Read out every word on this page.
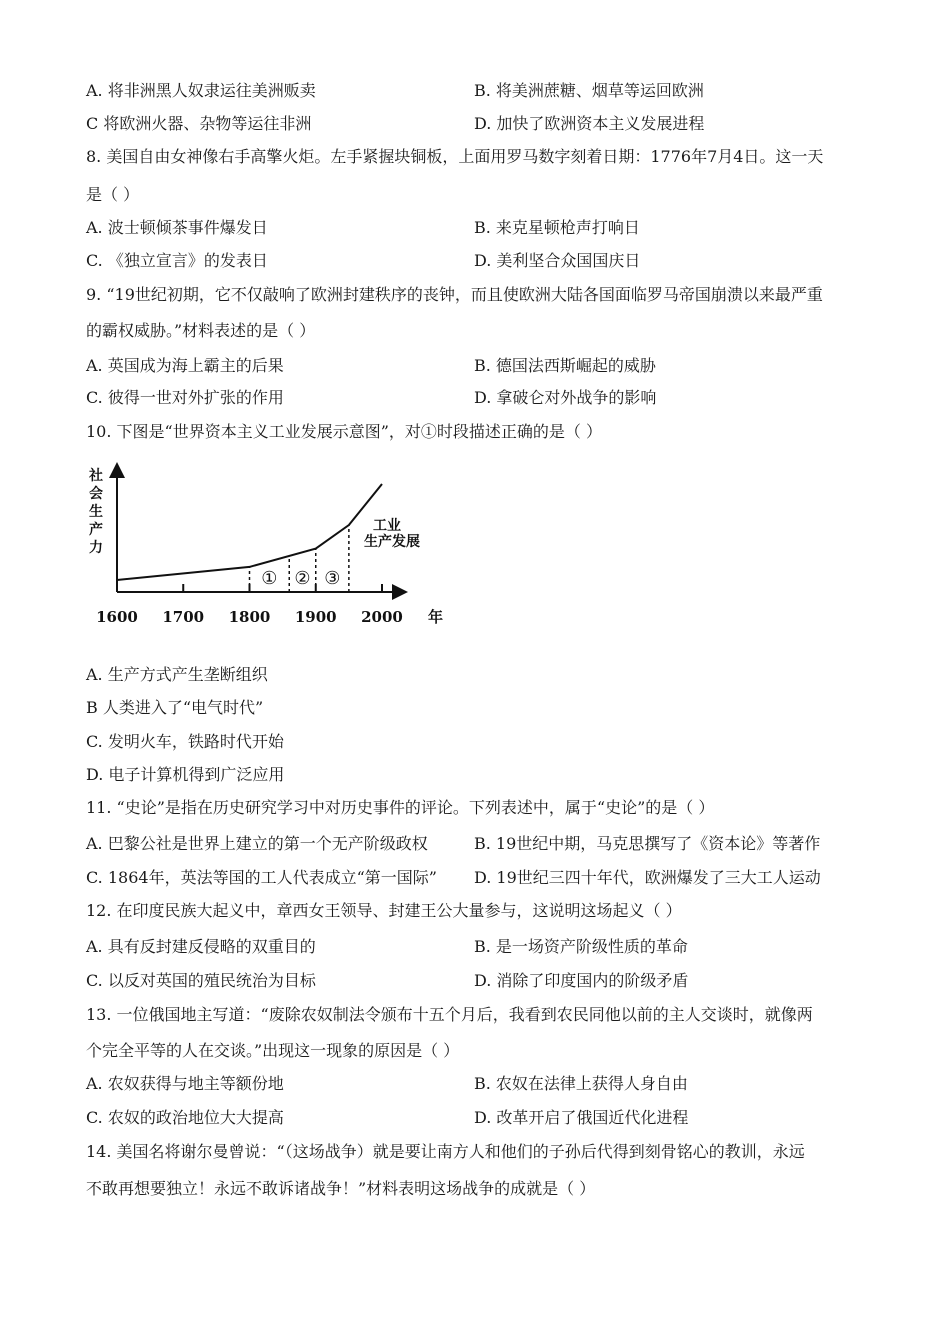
A. 将非洲黑人奴隶运往美洲贩卖	B. 将美洲蔗糖、烟草等运回欧洲
C 将欧洲火器、杂物等运往非洲	D. 加快了欧洲资本主义发展进程
8. 美国自由女神像右手高擎火炬。左手紧握块铜板，上面用罗马数字刻着日期：1776年7月4日。这一天
是（ ）
A. 波士顿倾茶事件爆发日	B. 来克星顿枪声打响日
C. 《独立宣言》的发表日	D. 美利坚合众国国庆日
9. “19世纪初期，它不仅敲响了欧洲封建秩序的丧钟，而且使欧洲大陆各国面临罗马帝国崩溃以来最严重
的霸权威胁。”材料表述的是（ ）
A. 英国成为海上霸主的后果	B. 德国法西斯崛起的威胁
C. 彼得一世对外扩张的作用	D. 拿破仑对外战争的影响
10. 下图是“世界资本主义工业发展示意图”，对①时段描述正确的是（ ）
社
会
生
产
力
1600 1700 1800 1900 2000
① ② ③
工业
生产发展
年
A. 生产方式产生垄断组织
B 人类进入了“电气时代”
C. 发明火车，铁路时代开始
D. 电子计算机得到广泛应用
11. “史论”是指在历史研究学习中对历史事件的评论。下列表述中，属于“史论”的是（ ）
A. 巴黎公社是世界上建立的第一个无产阶级政权	B. 19世纪中期，马克思撰写了《资本论》等著作
C. 1864年，英法等国的工人代表成立“第一国际” D. 19世纪三四十年代，欧洲爆发了三大工人运动
12. 在印度民族大起义中，章西女王领导、封建王公大量参与，这说明这场起义（ ）
A. 具有反封建反侵略的双重目的	B. 是一场资产阶级性质的革命
C. 以反对英国的殖民统治为目标	D. 消除了印度国内的阶级矛盾
13. 一位俄国地主写道：“废除农奴制法令颁布十五个月后，我看到农民同他以前的主人交谈时，就像两
个完全平等的人在交谈。”出现这一现象的原因是（ ）
A. 农奴获得与地主等额份地	B. 农奴在法律上获得人身自由
C. 农奴的政治地位大大提高	D. 改革开启了俄国近代化进程
14. 美国名将谢尔曼曾说：“（这场战争）就是要让南方人和他们的子孙后代得到刻骨铭心的教训，永远
不敢再想要独立！永远不敢诉诸战争！”材料表明这场战争的成就是（ ）
